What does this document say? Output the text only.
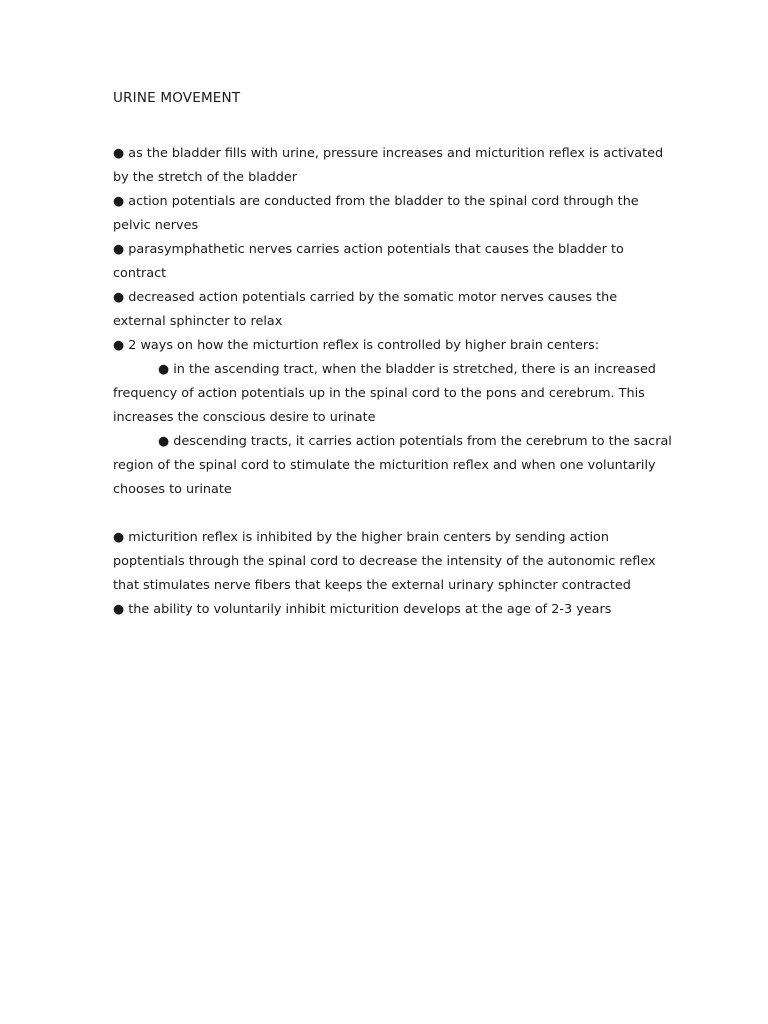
URINE MOVEMENT

● as the bladder fills with urine, pressure increases and micturition reflex is activated by the stretch of the bladder

● action potentials are conducted from the bladder to the spinal cord through the pelvic nerves

● parasymphathetic nerves carries action potentials that causes the bladder to contract

● decreased action potentials carried by the somatic motor nerves causes the external sphincter to relax

● 2 ways on how the micturtion reflex is controlled by higher brain centers:

● in the ascending tract, when the bladder is stretched, there is an increased frequency of action potentials up in the spinal cord to the pons and cerebrum. This increases the conscious desire to urinate

● descending tracts, it carries action potentials from the cerebrum to the sacral region of the spinal cord to stimulate the micturition reflex and when one voluntarily chooses to urinate

● micturition reflex is inhibited by the higher brain centers by sending action poptentials through the spinal cord to decrease the intensity of the autonomic reflex that stimulates nerve fibers that keeps the external urinary sphincter contracted

● the ability to voluntarily inhibit micturition develops at the age of 2-3 years
